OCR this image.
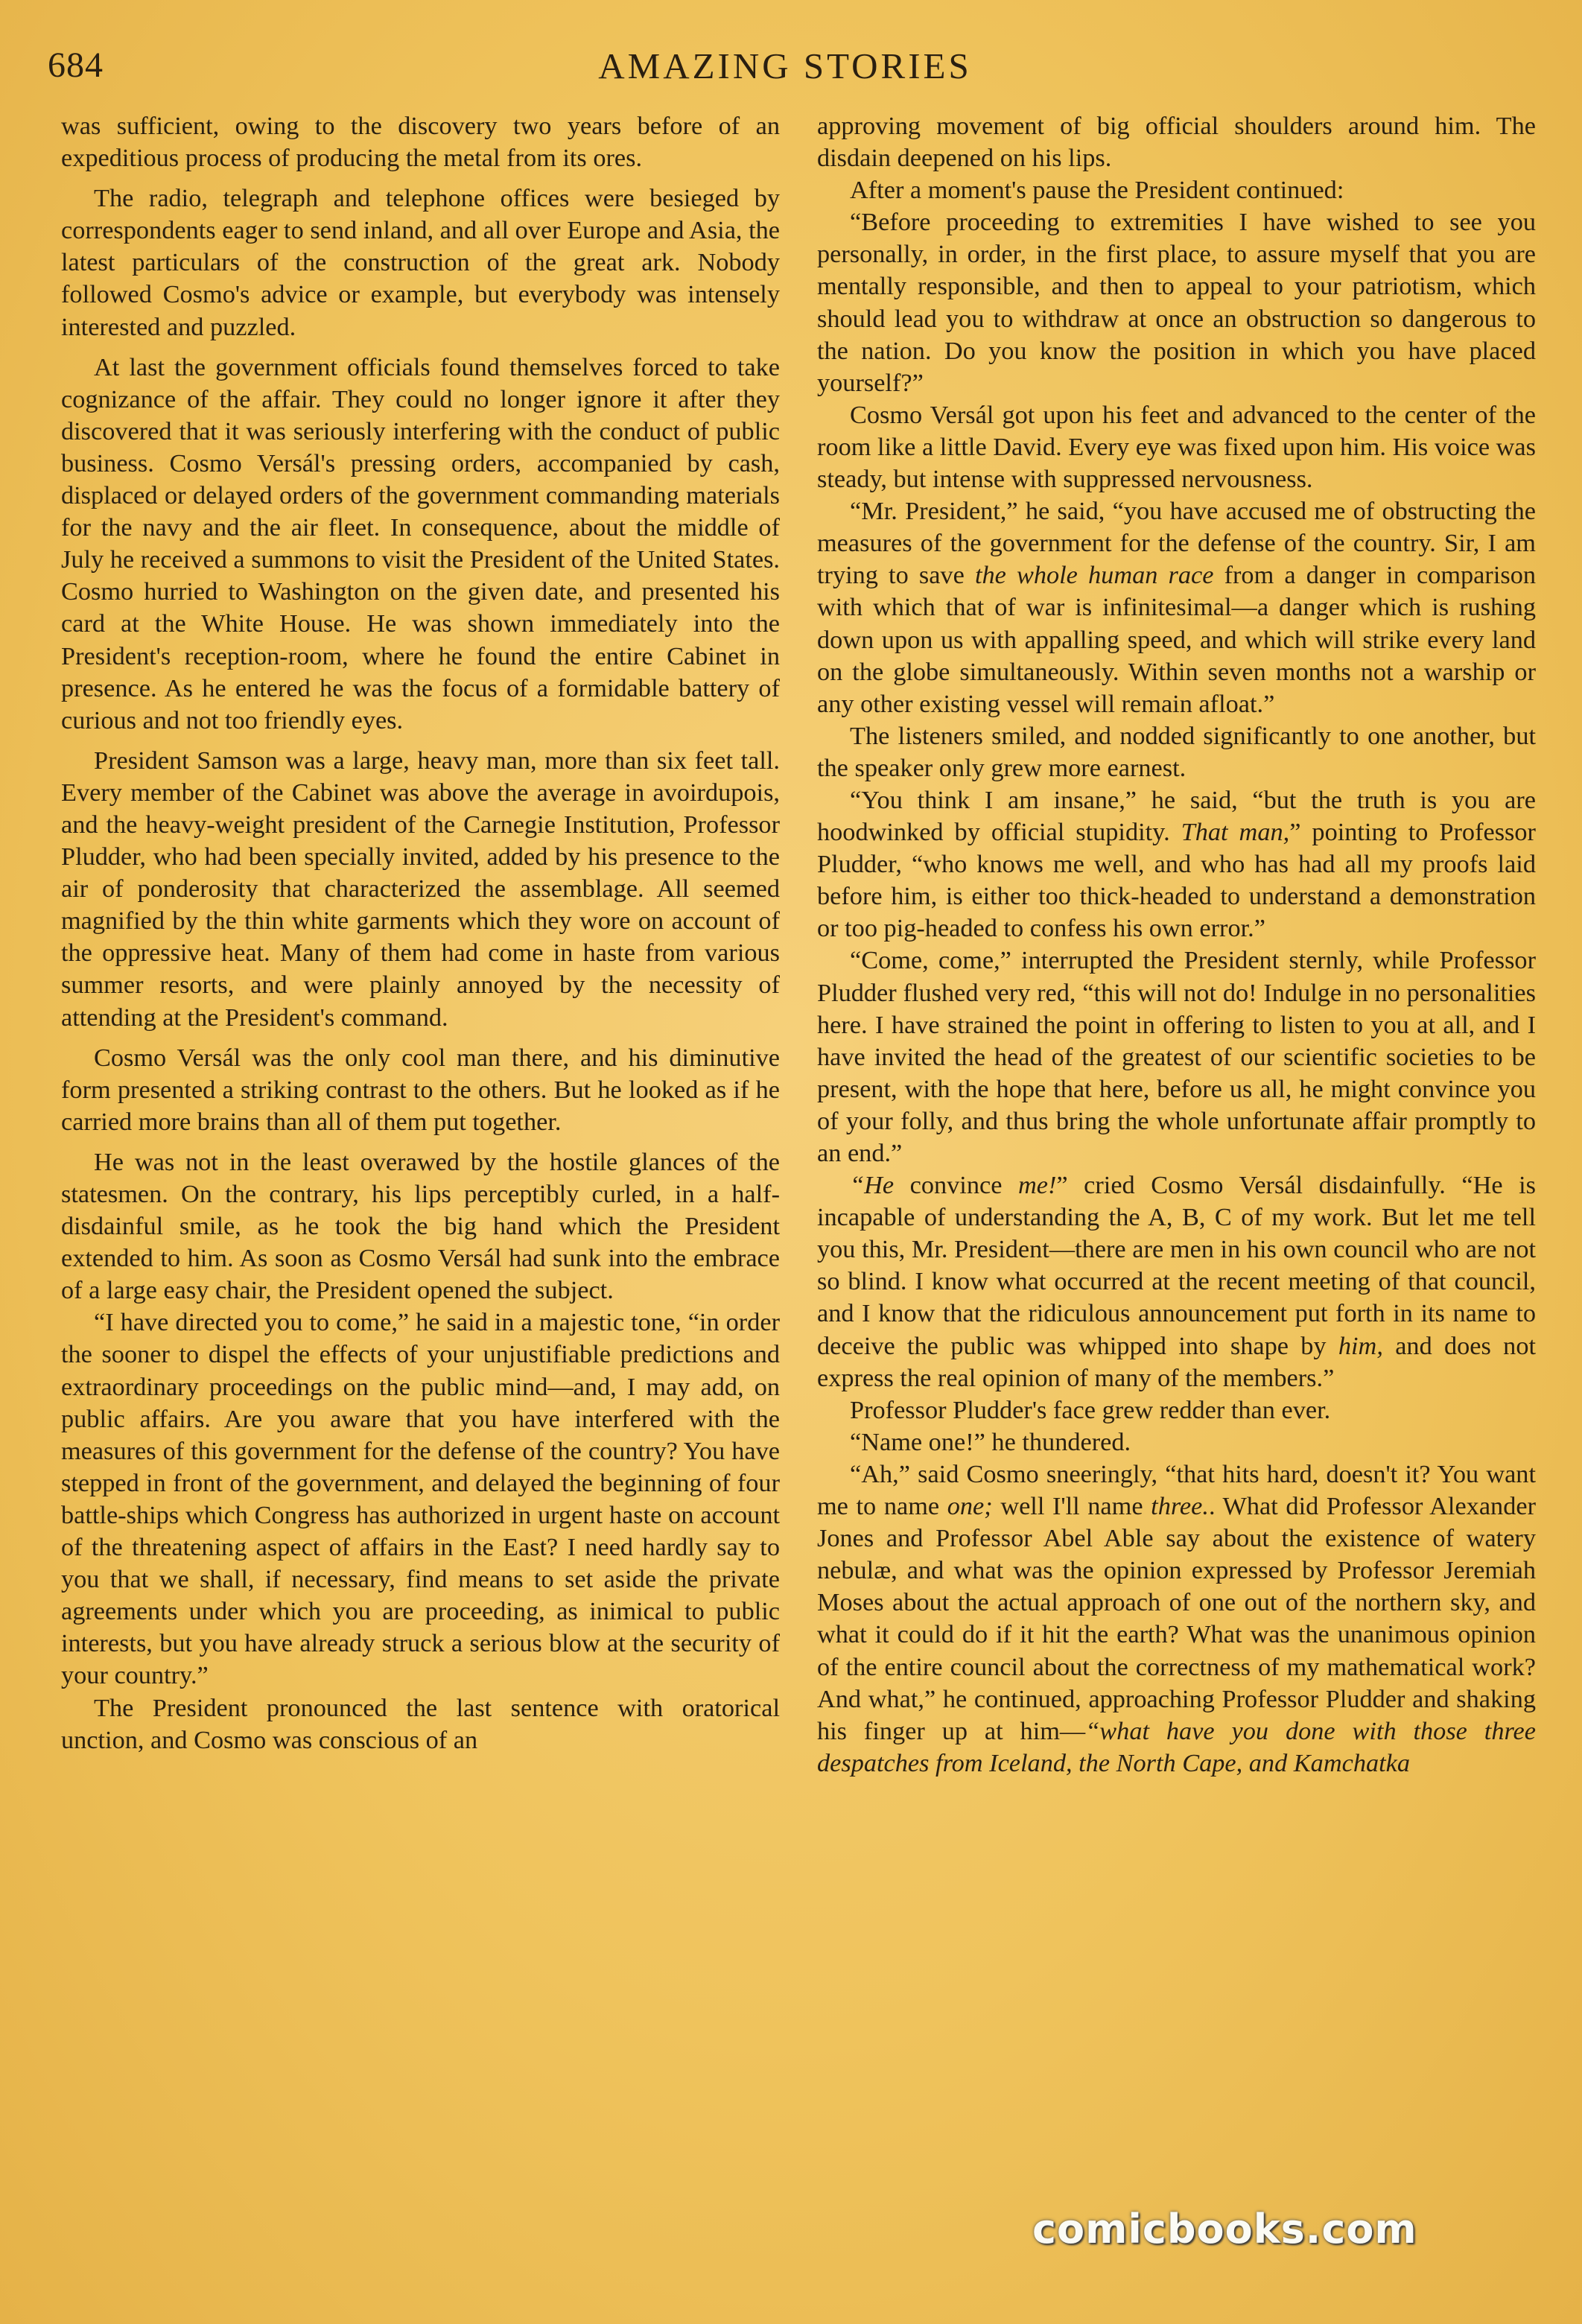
684	AMAZING STORIES

was sufficient, owing to the discovery two years before of an expeditious process of producing the metal from its ores.

The radio, telegraph and telephone offices were besieged by correspondents eager to send inland, and all over Europe and Asia, the latest particulars of the construction of the great ark. Nobody followed Cosmo's advice or example, but everybody was intensely interested and puzzled.

At last the government officials found themselves forced to take cognizance of the affair. They could no longer ignore it after they discovered that it was seriously interfering with the conduct of public business. Cosmo Versál's pressing orders, accompanied by cash, displaced or delayed orders of the government commanding materials for the navy and the air fleet. In consequence, about the middle of July he received a summons to visit the President of the United States. Cosmo hurried to Washington on the given date, and presented his card at the White House. He was shown immediately into the President's reception-room, where he found the entire Cabinet in presence. As he entered he was the focus of a formidable battery of curious and not too friendly eyes.

President Samson was a large, heavy man, more than six feet tall. Every member of the Cabinet was above the average in avoirdupois, and the heavy-weight president of the Carnegie Institution, Professor Pludder, who had been specially invited, added by his presence to the air of ponderosity that characterized the assemblage. All seemed magnified by the thin white garments which they wore on account of the oppressive heat. Many of them had come in haste from various summer resorts, and were plainly annoyed by the necessity of attending at the President's command.

Cosmo Versál was the only cool man there, and his diminutive form presented a striking contrast to the others. But he looked as if he carried more brains than all of them put together.

He was not in the least overawed by the hostile glances of the statesmen. On the contrary, his lips perceptibly curled, in a half-disdainful smile, as he took the big hand which the President extended to him. As soon as Cosmo Versál had sunk into the embrace of a large easy chair, the President opened the subject.

“I have directed you to come,” he said in a majestic tone, “in order the sooner to dispel the effects of your unjustifiable predictions and extraordinary proceedings on the public mind—and, I may add, on public affairs. Are you aware that you have interfered with the measures of this government for the defense of the country? You have stepped in front of the government, and delayed the beginning of four battle-ships which Congress has authorized in urgent haste on account of the threatening aspect of affairs in the East? I need hardly say to you that we shall, if necessary, find means to set aside the private agreements under which you are proceeding, as inimical to public interests, but you have already struck a serious blow at the security of your country.”

The President pronounced the last sentence with oratorical unction, and Cosmo was conscious of an

approving movement of big official shoulders around him. The disdain deepened on his lips.

After a moment's pause the President continued:

“Before proceeding to extremities I have wished to see you personally, in order, in the first place, to assure myself that you are mentally responsible, and then to appeal to your patriotism, which should lead you to withdraw at once an obstruction so dangerous to the nation. Do you know the position in which you have placed yourself?”

Cosmo Versál got upon his feet and advanced to the center of the room like a little David. Every eye was fixed upon him. His voice was steady, but intense with suppressed nervousness.

“Mr. President,” he said, “you have accused me of obstructing the measures of the government for the defense of the country. Sir, I am trying to save the whole human race from a danger in comparison with which that of war is infinitesimal—a danger which is rushing down upon us with appalling speed, and which will strike every land on the globe simultaneously. Within seven months not a warship or any other existing vessel will remain afloat.”

The listeners smiled, and nodded significantly to one another, but the speaker only grew more earnest.

“You think I am insane,” he said, “but the truth is you are hoodwinked by official stupidity. That man,” pointing to Professor Pludder, “who knows me well, and who has had all my proofs laid before him, is either too thick-headed to understand a demonstration or too pig-headed to confess his own error.”

“Come, come,” interrupted the President sternly, while Professor Pludder flushed very red, “this will not do! Indulge in no personalities here. I have strained the point in offering to listen to you at all, and I have invited the head of the greatest of our scientific societies to be present, with the hope that here, before us all, he might convince you of your folly, and thus bring the whole unfortunate affair promptly to an end.”

“He convince me!” cried Cosmo Versál disdainfully. “He is incapable of understanding the A, B, C of my work. But let me tell you this, Mr. President—there are men in his own council who are not so blind. I know what occurred at the recent meeting of that council, and I know that the ridiculous announcement put forth in its name to deceive the public was whipped into shape by him, and does not express the real opinion of many of the members.”

Professor Pludder's face grew redder than ever.

“Name one!” he thundered.

“Ah,” said Cosmo sneeringly, “that hits hard, doesn't it? You want me to name one; well I'll name three.. What did Professor Alexander Jones and Professor Abel Able say about the existence of watery nebulæ, and what was the opinion expressed by Professor Jeremiah Moses about the actual approach of one out of the northern sky, and what it could do if it hit the earth? What was the unanimous opinion of the entire council about the correctness of my mathematical work? And what,” he continued, approaching Professor Pludder and shaking his finger up at him—“what have you done with those three despatches from Iceland, the North Cape, and Kamchatka

comicbooks.com
